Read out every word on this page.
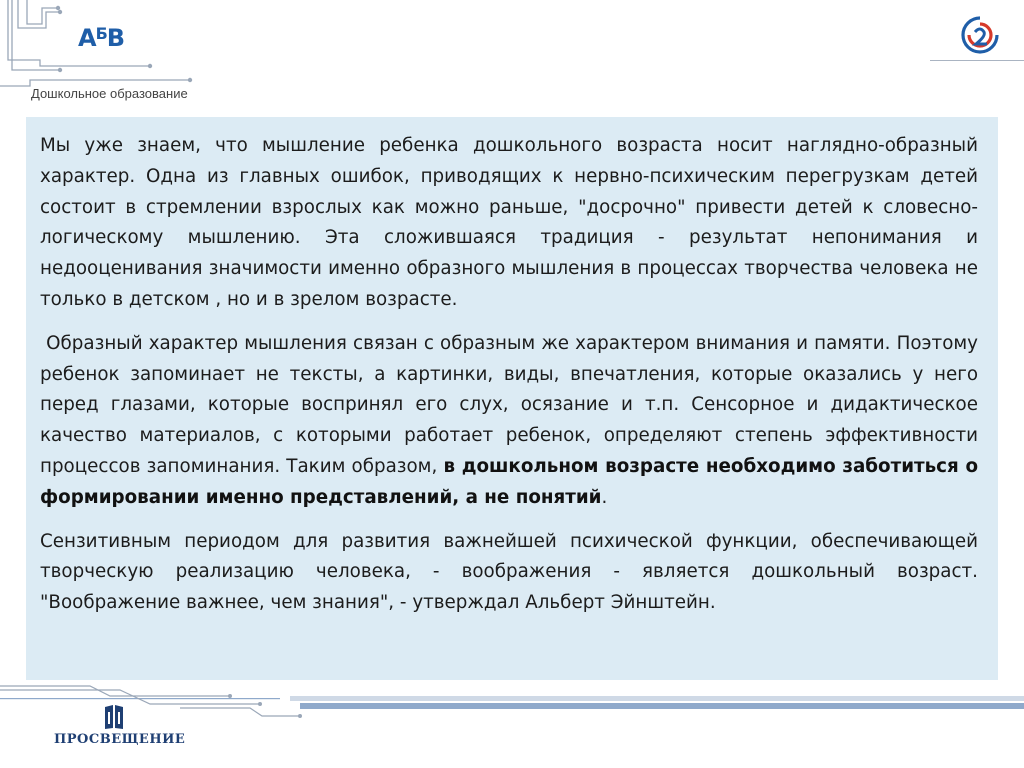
$А^БВ$
Дошкольное образование

Мы уже знаем, что мышление ребенка дошкольного возраста носит наглядно-образный характер. Одна из главных ошибок, приводящих к нервно-психическим перегрузкам детей состоит в стремлении взрослых как можно раньше, "досрочно" привести детей к словесно-логическому мышлению. Эта сложившаяся традиция - результат непонимания и недооценивания значимости именно образного мышления в процессах творчества человека не только в детском , но и в зрелом возрасте.

Образный характер мышления связан с образным же характером внимания и памяти. Поэтому ребенок запоминает не тексты, а картинки, виды, впечатления, которые оказались у него перед глазами, которые воспринял его слух, осязание и т.п. Сенсорное и дидактическое качество материалов, с которыми работает ребенок, определяют степень эффективности процессов запоминания. Таким образом, в дошкольном возрасте необходимо заботиться о формировании именно представлений, а не понятий.

Сензитивным периодом для развития важнейшей психической функции, обеспечивающей творческую реализацию человека, - воображения - является дошкольный возраст. "Воображение важнее, чем знания", - утверждал Альберт Эйнштейн.

ПРОСВЕЩЕНИЕ
